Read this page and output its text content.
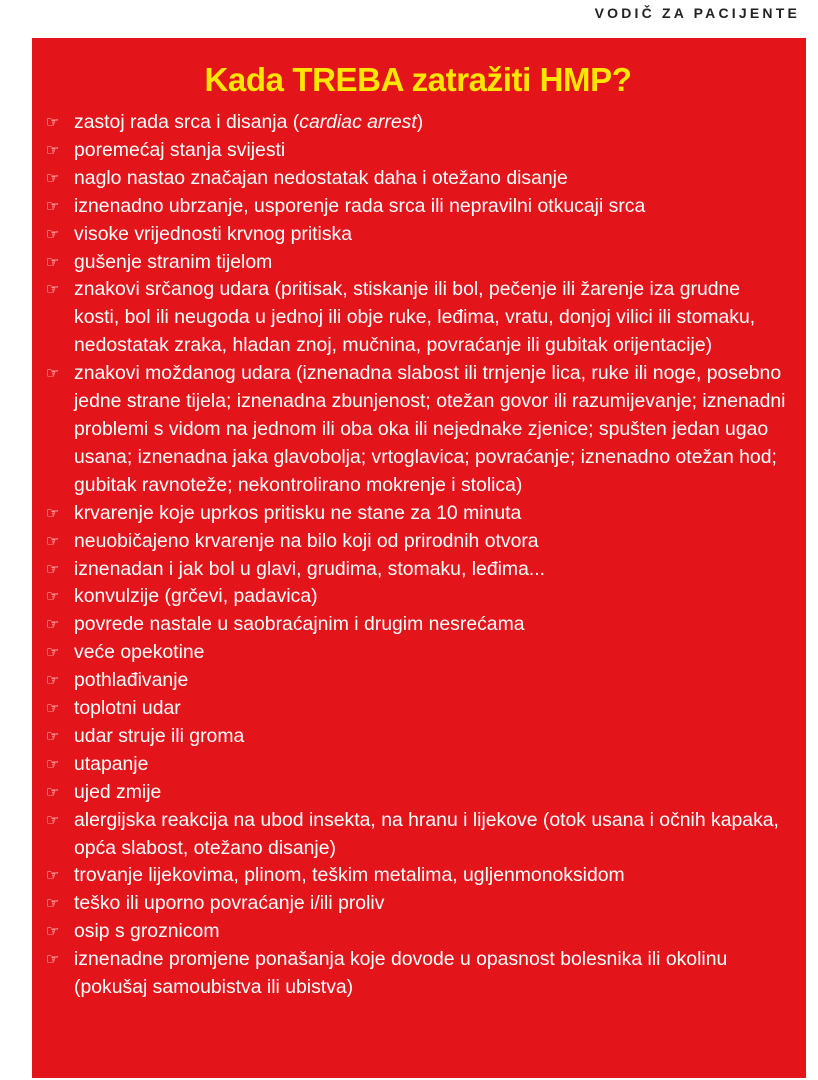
VODIČ ZA PACIJENTE
Kada TREBA zatražiti HMP?
☞ zastoj rada srca i disanja (cardiac arrest)
☞ poremećaj stanja svijesti
☞ naglo nastao značajan nedostatak daha i otežano disanje
☞ iznenadno ubrzanje, usporenje rada srca ili nepravilni otkucaji srca
☞ visoke vrijednosti krvnog pritiska
☞ gušenje stranim tijelom
☞ znakovi srčanog udara (pritisak, stiskanje ili bol, pečenje ili žarenje iza grudne kosti, bol ili neugoda u jednoj ili obje ruke, leđima, vratu, donjoj vilici ili stomaku, nedostatak zraka, hladan znoj, mučnina, povraćanje ili gubitak orijentacije)
☞ znakovi moždanog udara (iznenadna slabost ili trnjenje lica, ruke ili noge, posebno jedne strane tijela; iznenadna zbunjenost; otežan govor ili razumijevanje; iznenadni problemi s vidom na jednom ili oba oka ili nejednake zjenice; spušten jedan ugao usana; iznenadna jaka glavobolja; vrtoglavica; povraćanje; iznenadno otežan hod; gubitak ravnoteže; nekontrolirano mokrenje i stolica)
☞ krvarenje koje uprkos pritisku ne stane za 10 minuta
☞ neuobičajeno krvarenje na bilo koji od prirodnih otvora
☞ iznenadan i jak bol u glavi, grudima, stomaku, leđima...
☞ konvulzije (grčevi, padavica)
☞ povrede nastale u saobraćajnim i drugim nesrećama
☞ veće opekotine
☞ pothlađivanje
☞ toplotni udar
☞ udar struje ili groma
☞ utapanje
☞ ujed zmije
☞ alergijska reakcija na ubod insekta, na hranu i lijekove (otok usana i očnih kapaka, opća slabost, otežano disanje)
☞ trovanje lijekovima, plinom, teškim metalima, ugljenmonoksidom
☞ teško ili uporno povraćanje i/ili proliv
☞ osip s groznicom
☞ iznenadne promjene ponašanja koje dovode u opasnost bolesnika ili okolinu (pokušaj samoubistva ili ubistva)
